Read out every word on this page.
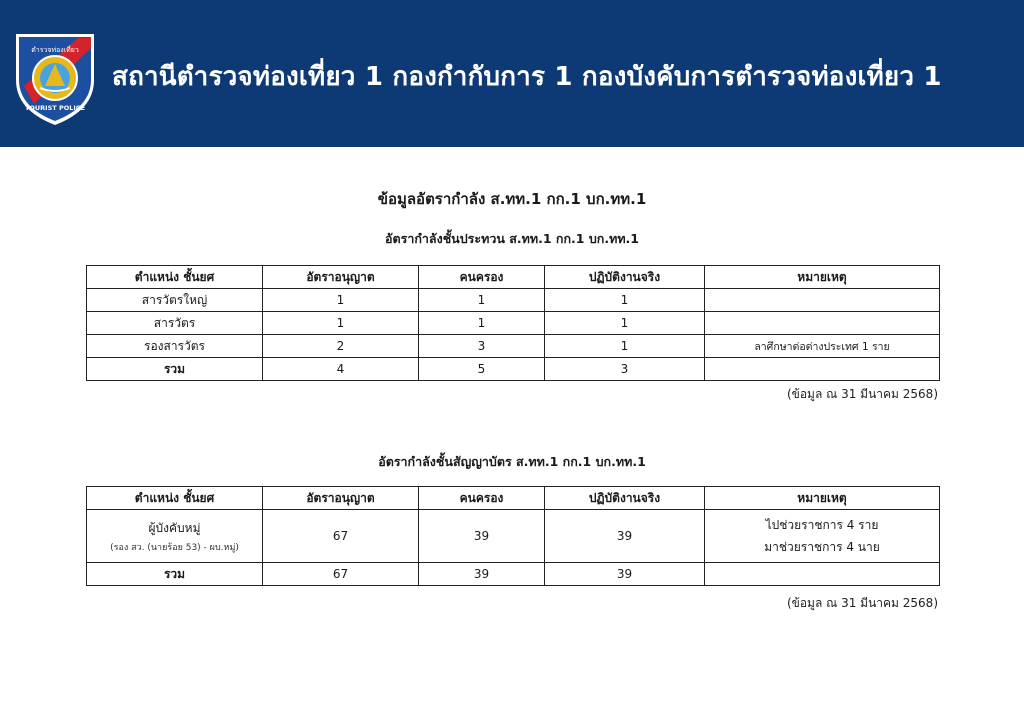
ตำรวจท่องเที่ยว
TOURIST POLICE
สถานีตำรวจท่องเที่ยว 1 กองกำกับการ 1 กองบังคับการตำรวจท่องเที่ยว 1
ข้อมูลอัตรากำลัง ส.ทท.1 กก.1 บก.ทท.1
อัตรากำลังชั้นประทวน ส.ทท.1 กก.1 บก.ทท.1
ตำแหน่ง ชั้นยศ	อัตราอนุญาต	คนครอง	ปฏิบัติงานจริง	หมายเหตุ
สารวัตรใหญ่	1	1	1	
สารวัตร	1	1	1	
รองสารวัตร	2	3	1	ลาศึกษาต่อต่างประเทศ 1 ราย
รวม	4	5	3	
(ข้อมูล ณ 31 มีนาคม 2568)
อัตรากำลังชั้นสัญญาบัตร ส.ทท.1 กก.1 บก.ทท.1
ตำแหน่ง ชั้นยศ	อัตราอนุญาต	คนครอง	ปฏิบัติงานจริง	หมายเหตุ
ผู้บังคับหมู่
(รอง สว. (นายร้อย 53) - ผบ.หมู่)	67	39	39	ไปช่วยราชการ 4 ราย
มาช่วยราชการ 4 นาย

รวม	67	39	39	
(ข้อมูล ณ 31 มีนาคม 2568)
